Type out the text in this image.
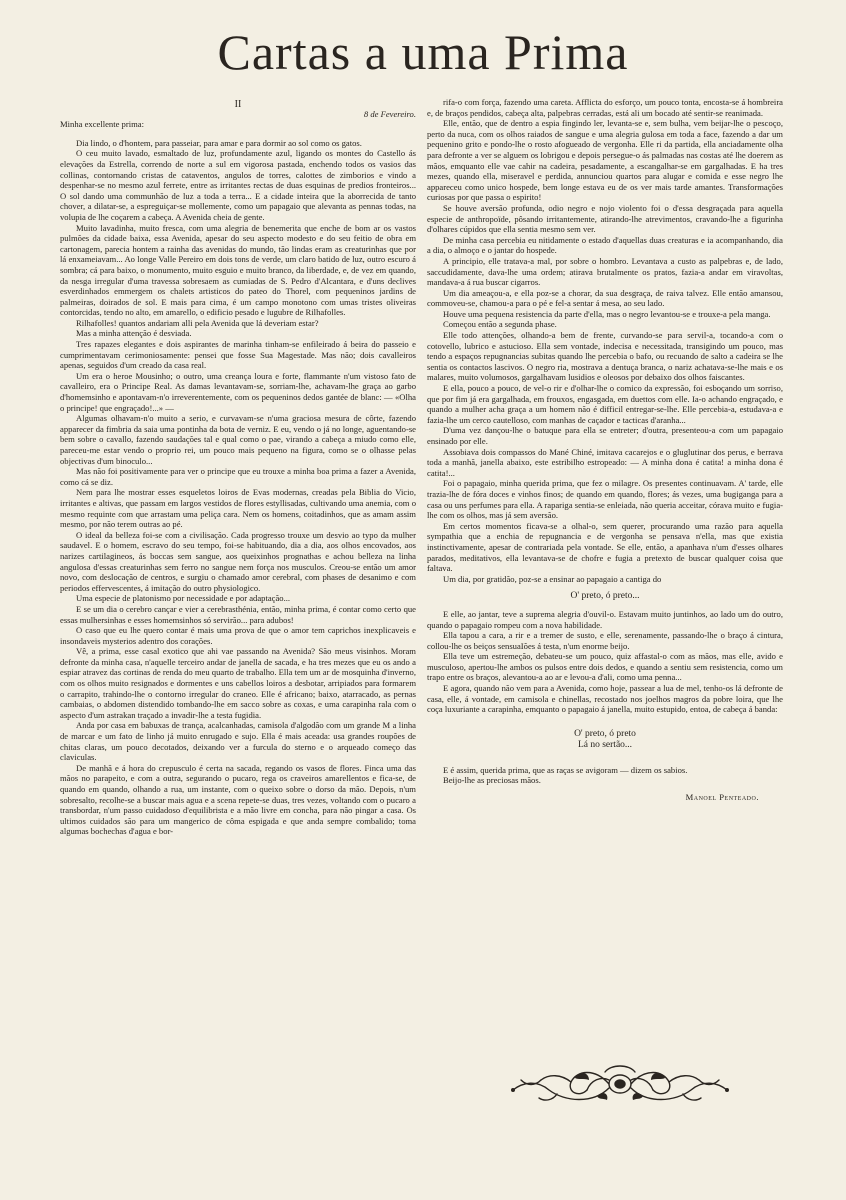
Cartas a uma Prima

II

8 de Fevereiro.

Minha excellente prima:

Dia lindo, o d'hontem, para passeiar, para amar e para dormir ao sol como os gatos.

O ceu muito lavado, esmaltado de luz, profundamente azul, ligando os montes do Castello ás elevações da Estrella, correndo de norte a sul em vigorosa pastada, enchendo todos os vasios das collinas, contornando cristas de cataventos, angulos de torres, calottes de zimborios e vindo a despenhar-se no mesmo azul ferrete, entre as irritantes rectas de duas esquinas de predios fronteiros... O sol dando uma communhão de luz a toda a terra... E a cidade inteira que la aborrecida de tanto chover, a dilatar-se, a espreguiçar-se mollemente, como um papagaio que alevanta as pennas todas, na volupia de lhe coçarem a cabeça. A Avenida cheia de gente.

Muito lavadinha, muito fresca, com uma alegria de benemerita que enche de bom ar os vastos pulmões da cidade baixa, essa Avenida, apesar do seu aspecto modesto e do seu feitio de obra em cartonagem, parecia hontem a rainha das avenidas do mundo, tão lindas eram as creaturinhas que por lá enxameiavam... Ao longe Valle Pereiro em dois tons de verde, um claro batido de luz, outro escuro á sombra; cá para baixo, o monumento, muito esguio e muito branco, da liberdade, e, de vez em quando, da nesga irregular d'uma travessa sobresaem as cumiadas de S. Pedro d'Alcantara, e d'uns declives esverdinhados emmergem os chalets artisticos do pateo do Thorel, com pequeninos jardins de palmeiras, doirados de sol. E mais para cima, é um campo monotono com umas tristes oliveiras contorcidas, tendo no alto, em amarello, o edificio pesado e lugubre de Rilhafolles.

Rilhafolles! quantos andariam alli pela Avenida que lá deveriam estar?

Mas a minha attenção é desviada.

Tres rapazes elegantes e dois aspirantes de marinha tinham-se enfileirado á beira do passeio e cumprimentavam cerimoniosamente: pensei que fosse Sua Magestade. Mas não; dois cavalleiros apenas, seguidos d'um creado da casa real.

Um era o heroe Mousinho; o outro, uma creança loura e forte, flammante n'um vistoso fato de cavalleiro, era o Principe Real. As damas levantavam-se, sorriam-lhe, achavam-lhe graça ao garbo d'homemsinho e apontavam-n'o irreverentemente, com os pequeninos dedos gantée de blanc: — «Olha o principe! que engraçado!...» —

Algumas olhavam-n'o muito a serio, e curvavam-se n'uma graciosa mesura de côrte, fazendo apparecer da fimbria da saia uma pontinha da bota de verniz. E eu, vendo o já no longe, aguentando-se bem sobre o cavallo, fazendo saudações tal e qual como o pae, virando a cabeça a miudo como elle, pareceu-me estar vendo o proprio rei, um pouco mais pequeno na figura, como se o olhasse pelas objectivas d'um binoculo...

Mas não foi positivamente para ver o principe que eu trouxe a minha boa prima a fazer a Avenida, como cá se diz.

Nem para lhe mostrar esses esqueletos loiros de Evas modernas, creadas pela Biblia do Vicio, irritantes e altivas, que passam em largos vestidos de flores estyllisadas, cultivando uma anemia, com o mesmo requinte com que arrastam uma peliça cara. Nem os homens, coitadinhos, que as amam assim mesmo, por não terem outras ao pé.

O ideal da belleza foi-se com a civilisação. Cada progresso trouxe um desvio ao typo da mulher saudavel. E o homem, escravo do seu tempo, foi-se habituando, dia a dia, aos olhos encovados, aos narizes cartilagineos, ás boccas sem sangue, aos queixinhos prognathas e achou belleza na linha angulosa d'essas creaturinhas sem ferro no sangue nem força nos musculos. Creou-se então um amor novo, com deslocação de centros, e surgiu o chamado amor cerebral, com phases de desanimo e com periodos effervescentes, á imitação do outro physiologico.

Uma especie de platonismo por necessidade e por adaptação...

E se um dia o cerebro cançar e vier a cerebrasthénia, então, minha prima, é contar como certo que essas mulhersinhas e esses homemsinhos só servirão... para adubos!

O caso que eu lhe quero contar é mais uma prova de que o amor tem caprichos inexplicaveis e insondaveis mysterios adentro dos corações.

Vê, a prima, esse casal exotico que ahi vae passando na Avenida? São meus visinhos. Moram defronte da minha casa, n'aquelle terceiro andar de janella de sacada, e ha tres mezes que eu os ando a espiar atravez das cortinas de renda do meu quarto de trabalho. Ella tem um ar de mosquinha d'inverno, com os olhos muito resignados e dormentes e uns cabellos loiros a desbotar, arripiados para formarem o carrapito, trahindo-lhe o contorno irregular do craneo. Elle é africano; baixo, atarracado, as pernas cambaias, o abdomen distendido tombando-lhe em sacco sobre as coxas, e uma carapinha rala com o aspecto d'um astrakan traçado a invadir-lhe a testa fugidia.

Anda por casa em babuxas de trança, acalcanhadas, camisola d'algodão com um grande M a linha de marcar e um fato de linho já muito enrugado e sujo. Ella é mais aceada: usa grandes roupões de chitas claras, um pouco decotados, deixando ver a furcula do sterno e o arqueado começo das claviculas.

De manhã e á hora do crepusculo é certa na sacada, regando os vasos de flores. Finca uma das mãos no parapeito, e com a outra, segurando o pucaro, rega os craveiros amarellentos e fica-se, de quando em quando, olhando a rua, um instante, com o queixo sobre o dorso da mão. Depois, n'um sobresalto, recolhe-se a buscar mais agua e a scena repete-se duas, tres vezes, voltando com o pucaro a transbordar, n'um passo cuidadoso d'equilibrista e a mão livre em concha, para não pingar a casa. Os ultimos cuidados são para um mangerico de côma espigada e que anda sempre combalido; toma algumas bochechas d'agua e bor-

rifa-o com força, fazendo uma careta. Afflicta do esforço, um pouco tonta, encosta-se á hombreira e, de braços pendidos, cabeça alta, palpebras cerradas, está ali um bocado até sentir-se reanimada.

Elle, então, que de dentro a espia fingindo ler, levanta-se e, sem bulha, vem beijar-lhe o pescoço, perto da nuca, com os olhos raiados de sangue e uma alegria gulosa em toda a face, fazendo a dar um pequenino grito e pondo-lhe o rosto afogueado de vergonha. Elle ri da partida, ella anciadamente olha para defronte a ver se alguem os lobrigou e depois persegue-o ás palmadas nas costas até lhe doerem as mãos, emquanto elle vae cahir na cadeira, pesadamente, a escangalhar-se em gargalhadas. E ha tres mezes, quando ella, miseravel e perdida, annunciou quartos para alugar e comida e esse negro lhe appareceu como unico hospede, bem longe estava eu de os ver mais tarde amantes. Transformações curiosas por que passa o espirito!

Se houve aversão profunda, odio negro e nojo violento foi o d'essa desgraçada para aquella especie de anthropoïde, pôsando irritantemente, atirando-lhe atrevimentos, cravando-lhe a figurinha d'olhares cúpidos que ella sentia mesmo sem ver.

De minha casa percebia eu nitidamente o estado d'aquellas duas creaturas e ia acompanhando, dia a dia, o almoço e o jantar do hospede.

A principio, elle tratava-a mal, por sobre o hombro. Levantava a custo as palpebras e, de lado, saccudidamente, dava-lhe uma ordem; atirava brutalmente os pratos, fazia-a andar em viravoltas, mandava-a á rua buscar cigarros.

Um dia ameaçou-a, e ella poz-se a chorar, da sua desgraça, de raiva talvez. Elle então amansou, commoveu-se, chamou-a para o pé e fel-a sentar á mesa, ao seu lado.

Houve uma pequena resistencia da parte d'ella, mas o negro levantou-se e trouxe-a pela manga.

Começou então a segunda phase.

Elle todo attenções, olhando-a bem de frente, curvando-se para servil-a, tocando-a com o cotovello, lubrico e astucioso. Ella sem vontade, indecisa e necessitada, transigindo um pouco, mas tendo a espaços repugnancias subitas quando lhe percebia o bafo, ou recuando de salto a cadeira se lhe sentia os contactos lascivos. O negro ria, mostrava a dentuça branca, o nariz achatava-se-lhe mais e os malares, muito volumosos, gargalhavam lusidios e oleosos por debaixo dos olhos faiscantes.

E ella, pouco a pouco, de vel-o rir e d'olhar-lhe o comico da expressão, foi esboçando um sorriso, que por fim já era gargalhada, em frouxos, engasgada, em duettos com elle. Ia-o achando engraçado, e quando a mulher acha graça a um homem não é difficil entregar-se-lhe. Elle percebia-a, estudava-a e fazia-lhe um cerco cautelloso, com manhas de caçador e tacticas d'aranha...

D'uma vez dançou-lhe o batuque para ella se entreter; d'outra, presenteou-a com um papagaio ensinado por elle.

Assobiava dois compassos do Mané Chiné, imitava cacarejos e o gluglutinar dos perus, e berrava toda a manhã, janella abaixo, este estribilho estropeado: — A minha dona é catita! a minha dona é catita!...

Foi o papagaio, minha querida prima, que fez o milagre. Os presentes continuavam. A' tarde, elle trazia-lhe de fóra doces e vinhos finos; de quando em quando, flores; ás vezes, uma bugiganga para a casa ou uns perfumes para ella. A rapariga sentia-se enleiada, não queria acceitar, córava muito e fugia-lhe com os olhos, mas já sem aversão.

Em certos momentos ficava-se a olhal-o, sem querer, procurando uma razão para aquella sympathia que a enchia de repugnancia e de vergonha se pensava n'ella, mas que existia instinctivamente, apesar de contrariada pela vontade. Se elle, então, a apanhava n'um d'esses olhares parados, meditativos, ella levantava-se de chofre e fugia a pretexto de buscar qualquer coisa que faltava.

Um dia, por gratidão, poz-se a ensinar ao papagaio a cantiga do

O' preto, ó preto...

E elle, ao jantar, teve a suprema alegria d'ouvil-o. Estavam muito juntinhos, ao lado um do outro, quando o papagaio rompeu com a nova habilidade.

Ella tapou a cara, a rir e a tremer de susto, e elle, serenamente, passando-lhe o braço á cintura, collou-lhe os beiços sensuaIões á testa, n'um enorme beijo.

Ella teve um estremeção, debateu-se um pouco, quiz affastal-o com as mãos, mas elle, avido e musculoso, apertou-lhe ambos os pulsos entre dois dedos, e quando a sentiu sem resistencia, como um trapo entre os braços, alevantou-a ao ar e levou-a d'ali, como uma penna...

E agora, quando não vem para a Avenida, como hoje, passear a lua de mel, tenho-os lá defronte de casa, elle, á vontade, em camisola e chinellas, recostado nos joelhos magros da pobre loira, que lhe coça luxuriante a carapinha, emquanto o papagaio á janella, muito estupido, entoa, de cabeça á banda:

O' preto, ó preto
Lá no sertão...

E é assim, querida prima, que as raças se avigoram — dizem os sabios.

Beijo-lhe as preciosas mãos.

Manoel Penteado.
